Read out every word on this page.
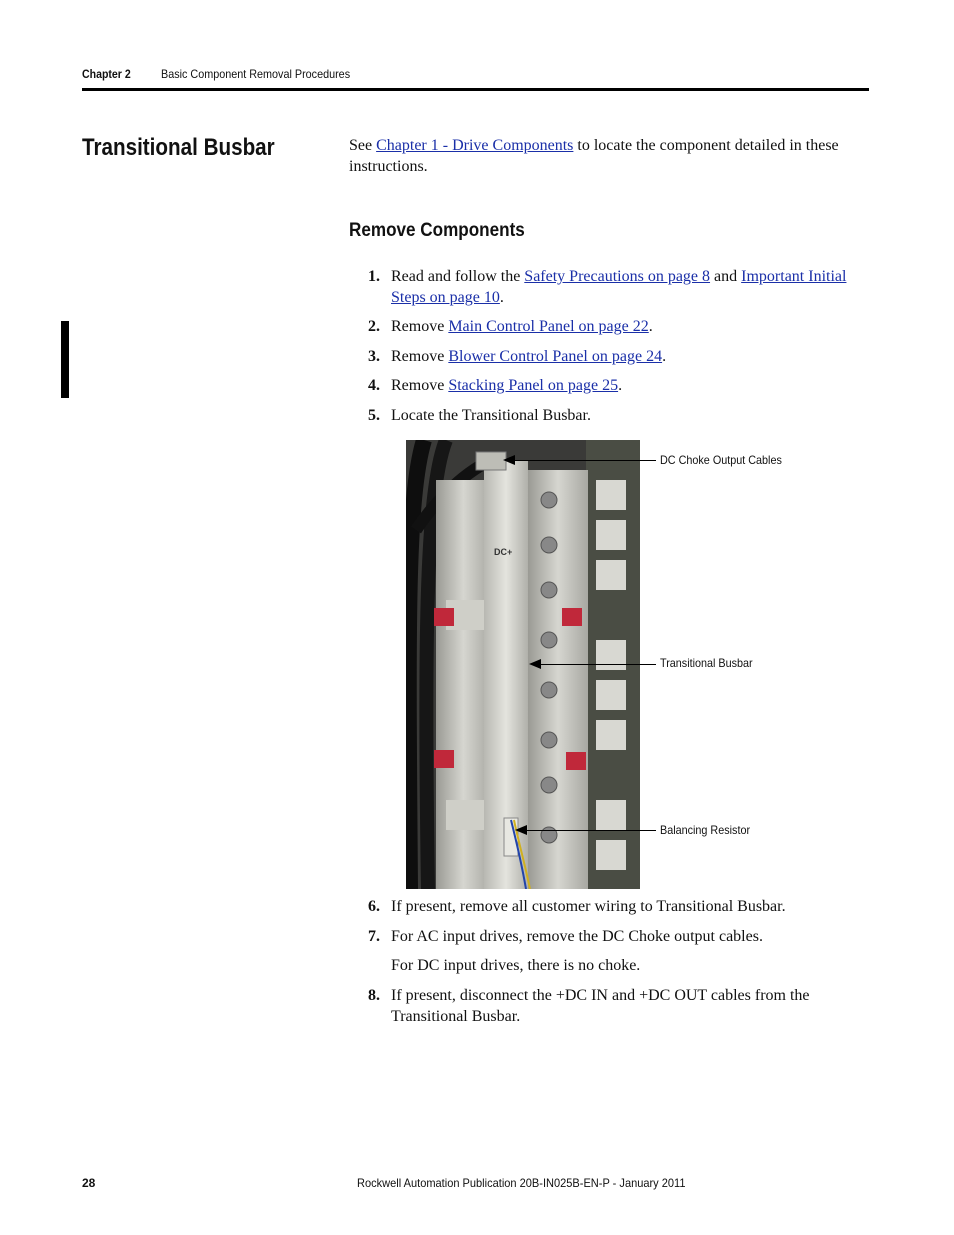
Chapter 2	Basic Component Removal Procedures
Transitional Busbar	See Chapter 1 - Drive Components to locate the component detailed in these instructions.
Remove Components
1. Read and follow the Safety Precautions on page 8 and Important Initial Steps on page 10.
2. Remove Main Control Panel on page 22.
3. Remove Blower Control Panel on page 24.
4. Remove Stacking Panel on page 25.
5. Locate the Transitional Busbar.
DC+
DC Choke Output Cables
Transitional Busbar
Balancing Resistor
6. If present, remove all customer wiring to Transitional Busbar.
7. For AC input drives, remove the DC Choke output cables.
For DC input drives, there is no choke.
8. If present, disconnect the +DC IN and +DC OUT cables from the Transitional Busbar.
28	Rockwell Automation Publication 20B-IN025B-EN-P - January 2011
